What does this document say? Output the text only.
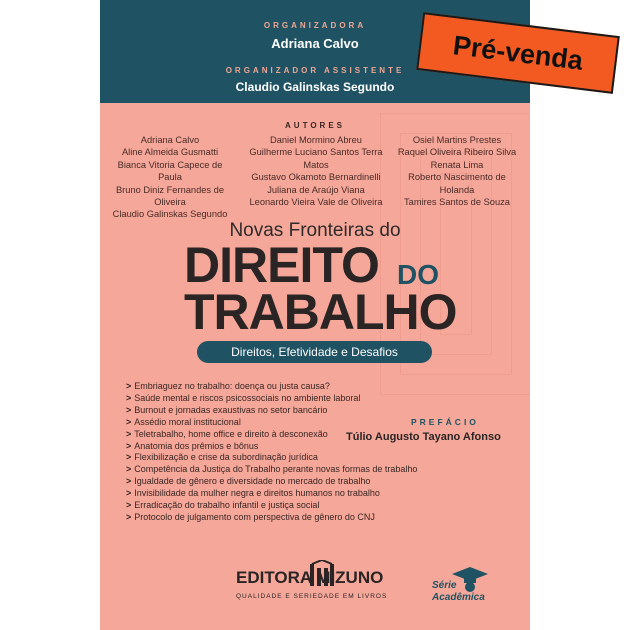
ORGANIZADORA
Adriana Calvo
ORGANIZADOR ASSISTENTE
Claudio Galinskas Segundo
AUTORES
Adriana Calvo
Aline Almeida Gusmatti
Bianca Vitoria Capece de Paula
Bruno Diniz Fernandes de Oliveira
Claudio Galinskas Segundo
Daniel Mormino Abreu
Guilherme Luciano Santos Terra Matos
Gustavo Okamoto Bernardinelli
Juliana de Araújo Viana
Leonardo Vieira Vale de Oliveira
Osiel Martins Prestes
Raquel Oliveira Ribeiro Silva
Renata Lima
Roberto Nascimento de Holanda
Tamires Santos de Souza
Novas Fronteiras do
DIREITO DO
TRABALHO
Direitos, Efetividade e Desafios
> Embriaguez no trabalho: doença ou justa causa?
> Saúde mental e riscos psicossociais no ambiente laboral
> Burnout e jornadas exaustivas no setor bancário
> Assédio moral institucional
> Teletrabalho, home office e direito à desconexão
> Anatomia dos prêmios e bônus
> Flexibilização e crise da subordinação jurídica
> Competência da Justiça do Trabalho perante novas formas de trabalho
> Igualdade de gênero e diversidade no mercado de trabalho
> Invisibilidade da mulher negra e direitos humanos no trabalho
> Erradicação do trabalho infantil e justiça social
> Protocolo de julgamento com perspectiva de gênero do CNJ
PREFÁCIO
Túlio Augusto Tayano Afonso
EDITORA MIZUNO
QUALIDADE E SERIEDADE EM LIVROS
Série
Acadêmica
Pré-venda
